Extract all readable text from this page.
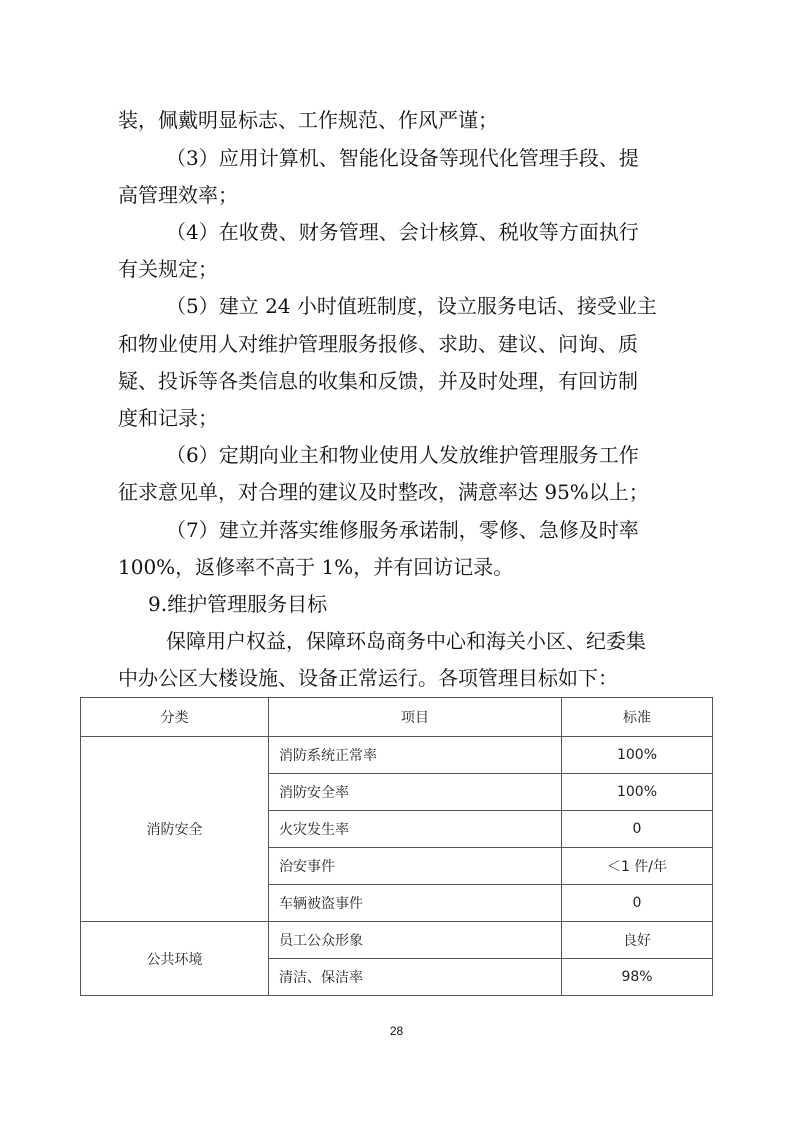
装，佩戴明显标志、工作规范、作风严谨；
（3）应用计算机、智能化设备等现代化管理手段、提
高管理效率；
（4）在收费、财务管理、会计核算、税收等方面执行
有关规定；
（5）建立 24 小时值班制度，设立服务电话、接受业主
和物业使用人对维护管理服务报修、求助、建议、问询、质
疑、投诉等各类信息的收集和反馈，并及时处理，有回访制
度和记录；
（6）定期向业主和物业使用人发放维护管理服务工作
征求意见单，对合理的建议及时整改，满意率达 95%以上；
（7）建立并落实维修服务承诺制，零修、急修及时率
100%，返修率不高于 1%，并有回访记录。
9.维护管理服务目标
保障用户权益，保障环岛商务中心和海关小区、纪委集
中办公区大楼设施、设备正常运行。各项管理目标如下：
分类	项目	标准
消防安全	消防系统正常率	100%
	消防安全率	100%
	火灾发生率	0
	治安事件	＜1 件/年
	车辆被盗事件	0
公共环境	员工公众形象	良好
	清洁、保洁率	98%
28
